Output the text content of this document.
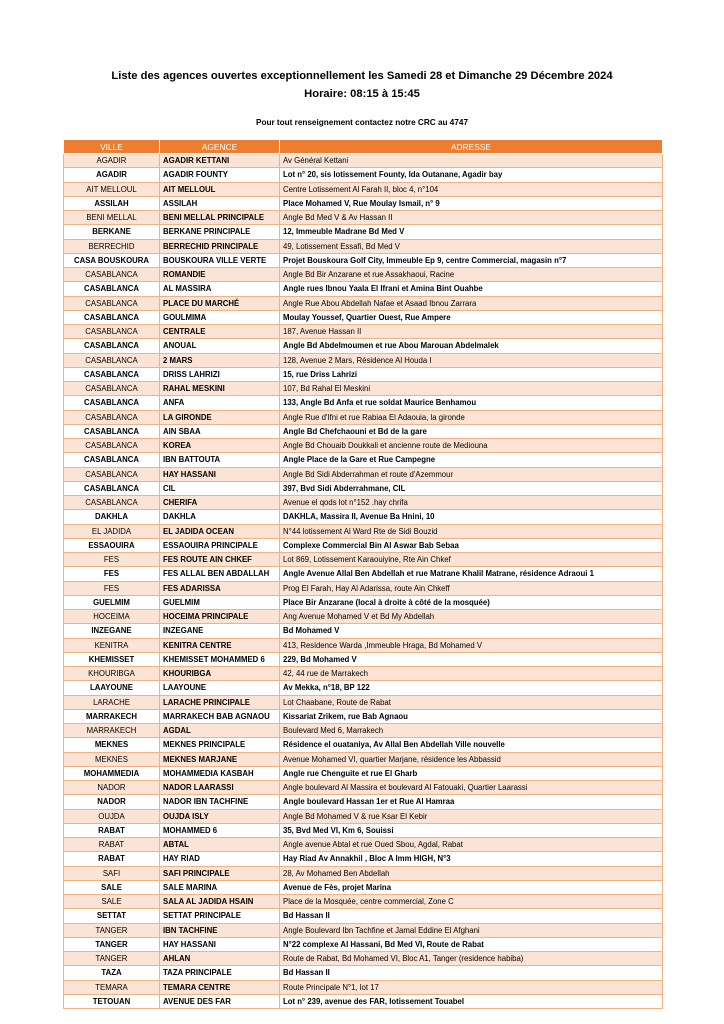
Liste des agences ouvertes exceptionnellement les Samedi 28 et Dimanche 29 Décembre 2024
Horaire: 08:15 à 15:45
Pour tout renseignement contactez notre CRC au 4747
VILLE	AGENCE	ADRESSE
AGADIR	AGADIR KETTANI	Av Général Kettani
AGADIR	AGADIR FOUNTY	Lot n° 20, sis lotissement Founty, Ida Outanane, Agadir bay
AIT MELLOUL	AIT MELLOUL	Centre Lotissement Al Farah II, bloc 4, n°104
ASSILAH	ASSILAH	Place Mohamed V, Rue Moulay Ismail, n° 9
BENI MELLAL	BENI MELLAL PRINCIPALE	Angle Bd Med V & Av Hassan II
BERKANE	BERKANE PRINCIPALE	12, Immeuble Madrane Bd Med V
BERRECHID	BERRECHID PRINCIPALE	49, Lotissement Essafi, Bd Med V
CASA BOUSKOURA	BOUSKOURA VILLE VERTE	Projet Bouskoura Golf City, Immeuble Ep 9, centre Commercial, magasin n°7
CASABLANCA	ROMANDIE	Angle Bd Bir Anzarane et rue Assakhaoui, Racine
CASABLANCA	AL MASSIRA	Angle rues Ibnou Yaala El Ifrani et Amina Bint Ouahbe
CASABLANCA	PLACE DU MARCHÉ	Angle Rue Abou Abdellah Nafae et Asaad Ibnou Zarrara
CASABLANCA	GOULMIMA	Moulay Youssef, Quartier Ouest, Rue Ampere
CASABLANCA	CENTRALE	187, Avenue Hassan II
CASABLANCA	ANOUAL	Angle Bd Abdelmoumen et rue Abou Marouan Abdelmalek
CASABLANCA	2 MARS	128, Avenue 2 Mars, Résidence Al Houda I
CASABLANCA	DRISS LAHRIZI	15, rue Driss Lahrizi
CASABLANCA	RAHAL MESKINI	107, Bd Rahal El Meskini
CASABLANCA	ANFA	133, Angle Bd Anfa et rue soldat Maurice Benhamou
CASABLANCA	LA GIRONDE	Angle Rue d'Ifni et rue Rabiaa El Adaouia, la gironde
CASABLANCA	AIN SBAA	Angle Bd Chefchaouni et Bd de la gare
CASABLANCA	KOREA	Angle Bd Chouaib Doukkali et ancienne route de Mediouna
CASABLANCA	IBN BATTOUTA	Angle Place de la Gare et Rue Campegne
CASABLANCA	HAY HASSANI	Angle Bd Sidi Abderrahman et route d'Azemmour
CASABLANCA	CIL	397, Bvd Sidi Abderrahmane, CIL
CASABLANCA	CHERIFA	Avenue el qods lot n°152 .hay chrifa
DAKHLA	DAKHLA	DAKHLA, Massira II, Avenue Ba Hnini, 10
EL JADIDA	EL JADIDA OCEAN	N°44 lotissement Al Ward Rte de Sidi Bouzid
ESSAOUIRA	ESSAOUIRA PRINCIPALE	Complexe Commercial Bin Al Aswar Bab Sebaa
FES	FES ROUTE AIN CHKEF	Lot 869, Lotissement Karaouiyine, Rte Ain Chkef
FES	FES ALLAL BEN ABDALLAH	Angle Avenue Allal Ben Abdellah et rue Matrane Khalil Matrane, résidence Adraoui 1
FES	FES ADARISSA	Prog El Farah, Hay Al Adarissa, route Ain Chkeff
GUELMIM	GUELMIM	Place Bir Anzarane (local à droite à côté de la mosquée)
HOCEIMA	HOCEIMA PRINCIPALE	Ang Avenue Mohamed V et Bd My Abdellah
INZEGANE	INZEGANE	Bd Mohamed V
KENITRA	KENITRA CENTRE	413, Residence Warda ,Immeuble Hraga, Bd Mohamed V
KHEMISSET	KHEMISSET MOHAMMED 6	229, Bd Mohamed V
KHOURIBGA	KHOURIBGA	42, 44 rue de Marrakech
LAAYOUNE	LAAYOUNE	Av Mekka, n°18, BP 122
LARACHE	LARACHE PRINCIPALE	Lot Chaabane, Route de Rabat
MARRAKECH	MARRAKECH BAB AGNAOU	Kissariat Zrikem, rue Bab Agnaou
MARRAKECH	AGDAL	Boulevard Med 6, Marrakech
MEKNES	MEKNES PRINCIPALE	Résidence el ouataniya, Av Allal Ben Abdellah Ville nouvelle
MEKNES	MEKNES MARJANE	Avenue Mohamed VI, quartier Marjane, résidence les Abbassid
MOHAMMEDIA	MOHAMMEDIA KASBAH	Angle rue Chenguite et rue El Gharb
NADOR	NADOR LAARASSI	Angle boulevard Al Massira et boulevard Al Fatouaki, Quartier Laarassi
NADOR	NADOR IBN TACHFINE	Angle boulevard Hassan 1er et Rue Al Hamraa
OUJDA	OUJDA ISLY	Angle Bd Mohamed V & rue Ksar El Kebir
RABAT	MOHAMMED 6	35, Bvd Med VI, Km 6, Souissi
RABAT	ABTAL	Angle avenue Abtal et rue Oued Sbou, Agdal, Rabat
RABAT	HAY RIAD	Hay Riad Av Annakhil , Bloc A Imm HIGH, N°3
SAFI	SAFI PRINCIPALE	28, Av Mohamed Ben Abdellah
SALE	SALE MARINA	Avenue de Fès, projet Marina
SALE	SALA AL JADIDA HSAIN	Place de la Mosquée, centre commercial, Zone C
SETTAT	SETTAT PRINCIPALE	Bd Hassan II
TANGER	IBN TACHFINE	Angle Boulevard Ibn Tachfine et Jamal Eddine El Afghani
TANGER	HAY HASSANI	N°22 complexe Al Hassani, Bd Med VI, Route de Rabat
TANGER	AHLAN	Route de Rabat, Bd Mohamed VI, Bloc A1, Tanger (residence habiba)
TAZA	TAZA PRINCIPALE	Bd Hassan II
TEMARA	TEMARA CENTRE	Route Principale N°1, lot 17
TETOUAN	AVENUE DES FAR	Lot n° 239, avenue des FAR, lotissement Touabel
